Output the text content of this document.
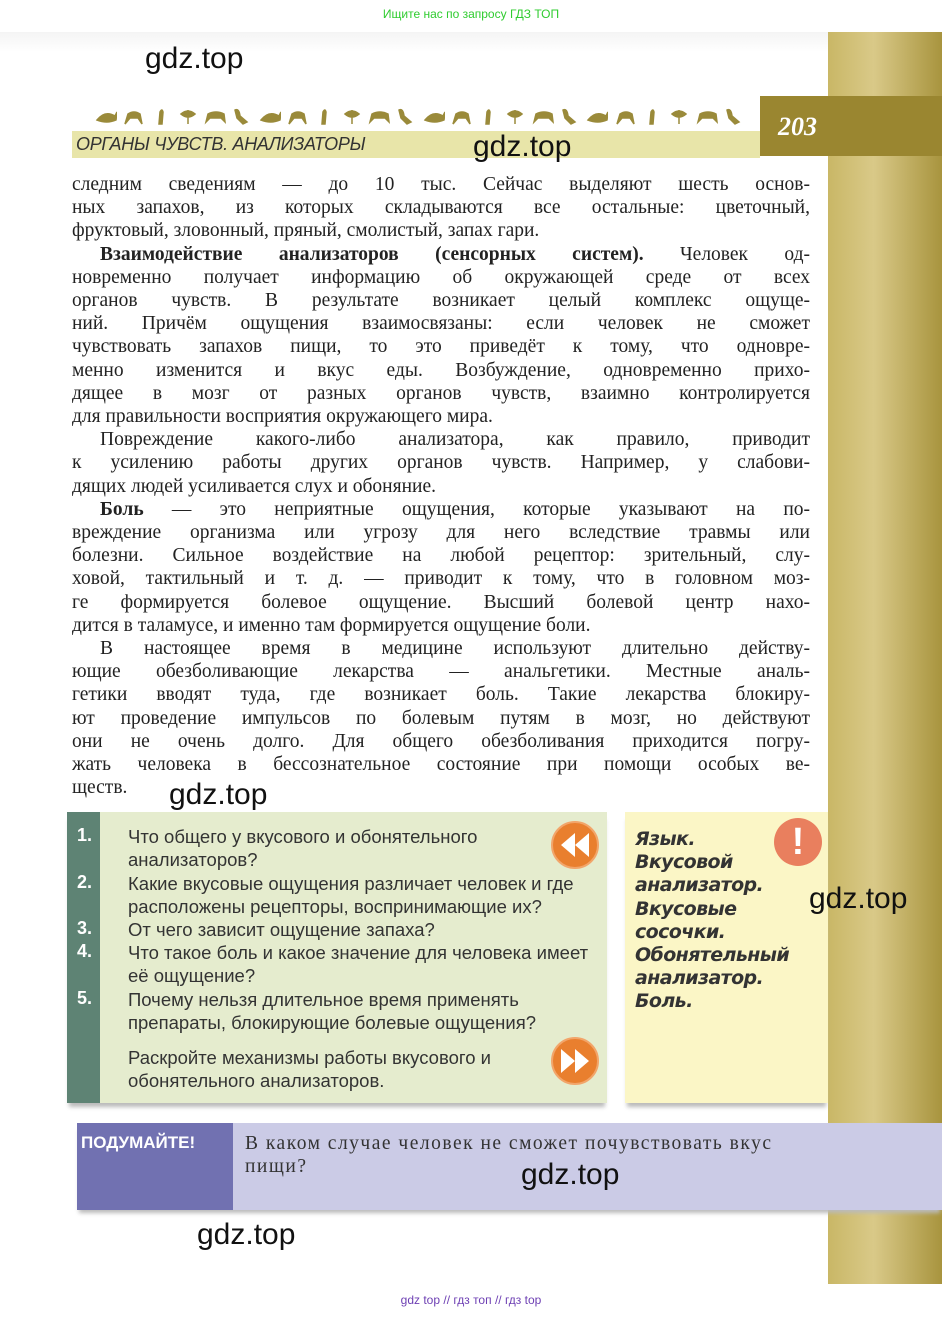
Ищите нас по запросу ГДЗ ТОП
ОРГАНЫ ЧУВСТВ. АНАЛИЗАТОРЫ
203
gdz.top
gdz.top
gdz.top
gdz.top
gdz.top
gdz.top
следним сведениям — до 10 тыс. Сейчас выделяют шесть основ-
ных запахов, из которых складываются все остальные: цветочный,
фруктовый, зловонный, пряный, смолистый, запах гари.
Взаимодействие анализаторов (сенсорных систем). Человек од-
новременно получает информацию об окружающей среде от всех
органов чувств. В результате возникает целый комплекс ощуще-
ний. Причём ощущения взаимосвязаны: если человек не сможет
чувствовать запахов пищи, то это приведёт к тому, что одновре-
менно изменится и вкус еды. Возбуждение, одновременно прихо-
дящее в мозг от разных органов чувств, взаимно контролируется
для правильности восприятия окружающего мира.
Повреждение какого-либо анализатора, как правило, приводит
к усилению работы других органов чувств. Например, у слабови-
дящих людей усиливается слух и обоняние.
Боль — это неприятные ощущения, которые указывают на по-
вреждение организма или угрозу для него вследствие травмы или
болезни. Сильное воздействие на любой рецептор: зрительный, слу-
ховой, тактильный и т. д. — приводит к тому, что в головном моз-
ге формируется болевое ощущение. Высший болевой центр нахо-
дится в таламусе, и именно там формируется ощущение боли.
В настоящее время в медицине используют длительно действу-
ющие обезболивающие лекарства — анальгетики. Местные аналь-
гетики вводят туда, где возникает боль. Такие лекарства блокиру-
ют проведение импульсов по болевым путям в мозг, но действуют
они не очень долго. Для общего обезболивания приходится погру-
жать человека в бессознательное состояние при помощи особых ве-
ществ.
1. Что общего у вкусового и обонятельного анализаторов?
2. Какие вкусовые ощущения различает человек и где расположены рецепторы, воспринимающие их?
3. От чего зависит ощущение запаха?
4. Что такое боль и какое значение для человека имеет её ощущение?
5. Почему нельзя длительное время применять препараты, блокирующие болевые ощущения?
Раскройте механизмы работы вкусового и обонятельного анализаторов.
Язык.
Вкусовой
анализатор.
Вкусовые
сосочки.
Обонятельный
анализатор.
Боль.
!
ПОДУМАЙТЕ!	В каком случае человек не сможет почувствовать вкус пищи?
gdz top // гдз топ // гдз top
